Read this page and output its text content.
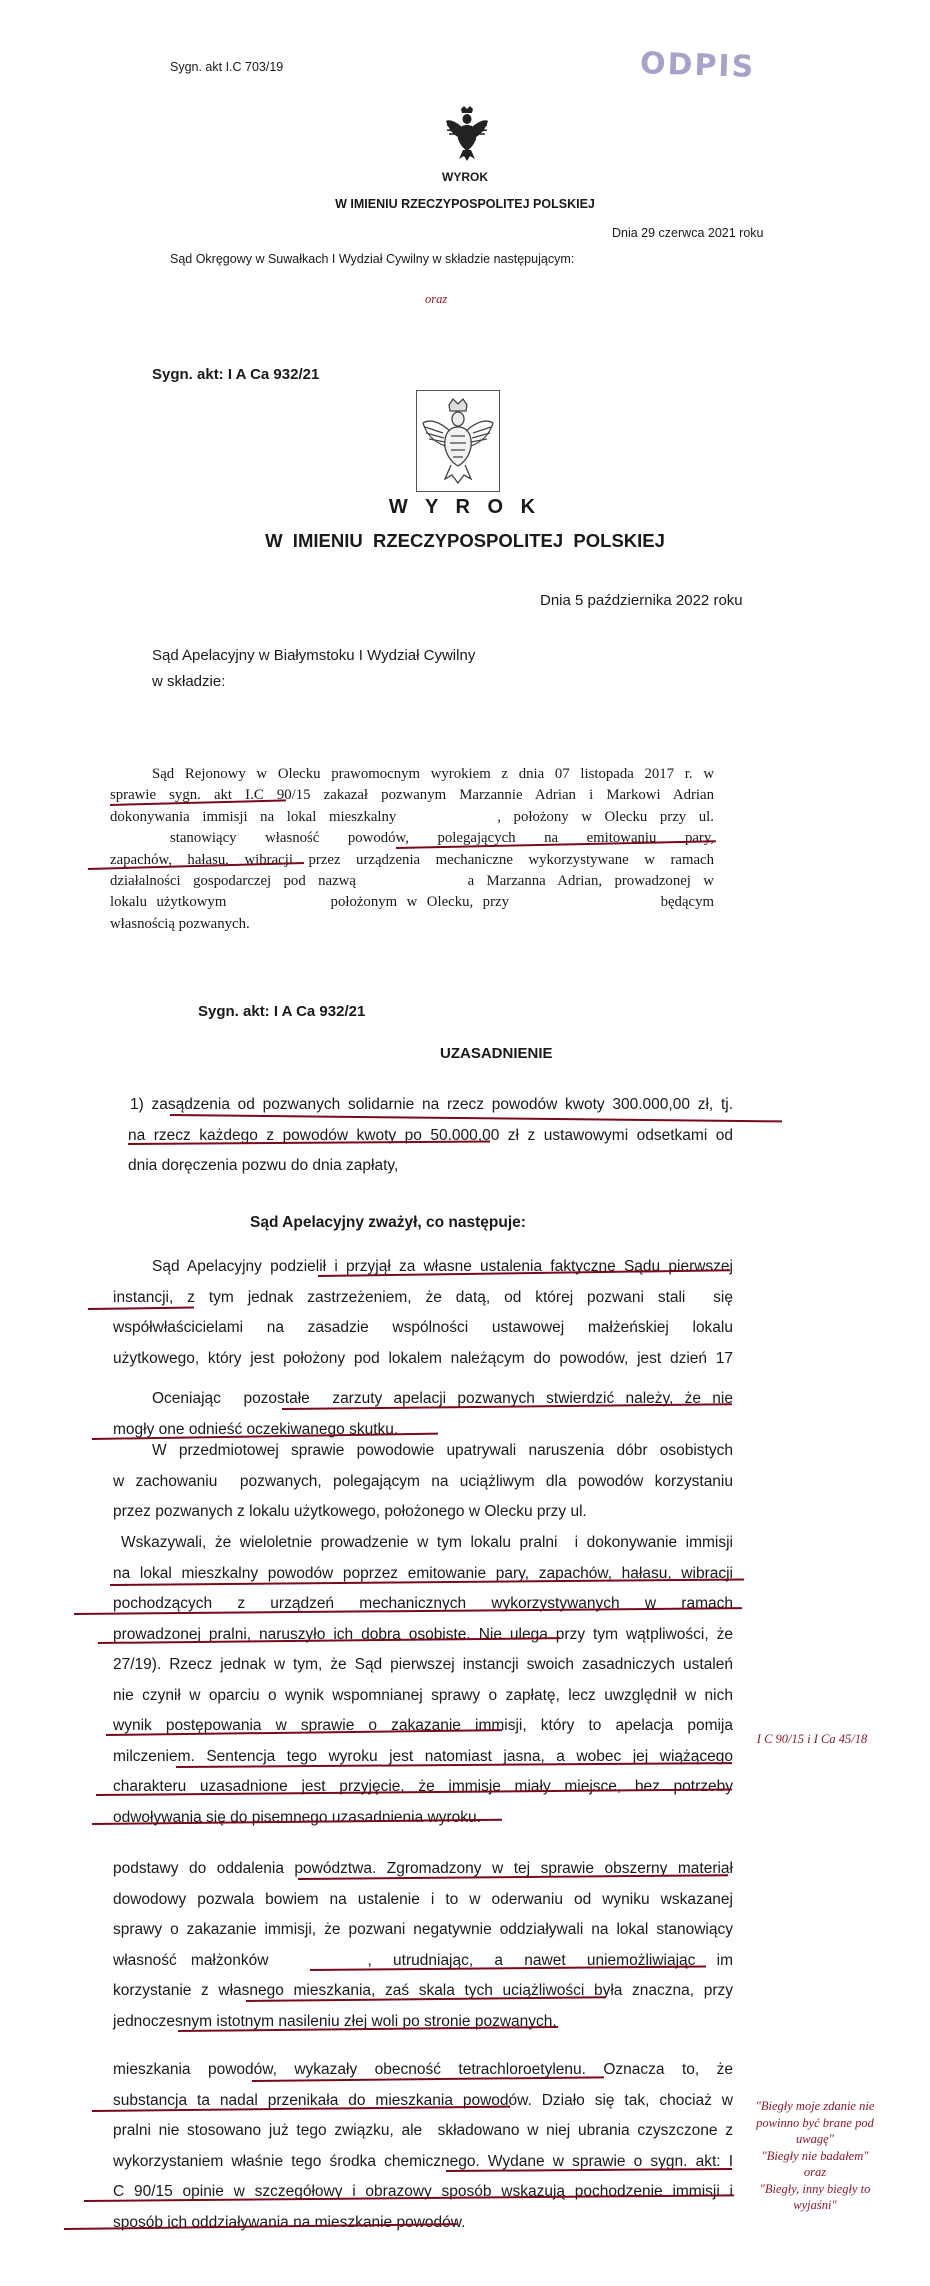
Sygn. akt I.C 703/19	ODPIS
WYROK
W IMIENIU RZECZYPOSPOLITEJ POLSKIEJ
Dnia 29 czerwca 2021 roku
Sąd Okręgowy w Suwałkach I Wydział Cywilny w składzie następującym:
oraz
Sygn. akt: I A Ca 932/21
W Y R O K
W  IMIENIU  RZECZYPOSPOLITEJ  POLSKIEJ
Dnia 5 października 2022 roku
Sąd Apelacyjny w Białymstoku I Wydział Cywilny
w składzie:
Sąd Rejonowy w Olecku prawomocnym wyrokiem z dnia 07 listopada 2017 r. w
sprawie sygn. akt I.C 90/15 zakazał pozwanym Marzannie Adrian i Markowi Adrian
dokonywania immisji na lokal mieszkalny        , położony w Olecku przy ul.
stanowiący własność powodów, polegających na emitowaniu pary,
zapachów, hałasu, wibracji przez urządzenia mechaniczne wykorzystywane w ramach
działalności gospodarczej pod nazwą         a Marzanna Adrian, prowadzonej w
lokalu użytkowym           położonym w Olecku, przy                będącym
własnością pozwanych.
Sygn. akt: I A Ca 932/21
UZASADNIENIE
1) zasądzenia od pozwanych solidarnie na rzecz powodów kwoty 300.000,00 zł, tj.
na rzecz każdego z powodów kwoty po 50.000,00 zł z ustawowymi odsetkami od
dnia doręczenia pozwu do dnia zapłaty,
Sąd Apelacyjny zważył, co następuje:
Sąd Apelacyjny podzielił i przyjął za własne ustalenia faktyczne Sądu pierwszej
instancji, z tym jednak zastrzeżeniem, że datą, od której pozwani stali  się
współwłaścicielami  na  zasadzie  wspólności  ustawowej  małżeńskiej  lokalu
użytkowego, który jest położony pod lokalem należącym do powodów, jest dzień 17
Oceniając  pozostałe  zarzuty apelacji pozwanych stwierdzić należy, że nie
mogły one odnieść oczekiwanego skutku.
W przedmiotowej sprawie powodowie upatrywali naruszenia dóbr osobistych
w zachowaniu  pozwanych, polegającym na uciążliwym dla powodów korzystaniu
przez pozwanych z lokalu użytkowego, położonego w Olecku przy ul.
Wskazywali, że wieloletnie prowadzenie w tym lokalu pralni  i dokonywanie immisji
na lokal mieszkalny powodów poprzez emitowanie pary, zapachów, hałasu, wibracji
pochodzących   z   urządzeń   mechanicznych   wykorzystywanych   w   ramach
prowadzonej pralni, naruszyło ich dobra osobiste. Nie ulega przy tym wątpliwości, że
27/19). Rzecz jednak w tym, że Sąd pierwszej instancji swoich zasadniczych ustaleń
nie czynił w oparciu o wynik wspomnianej sprawy o zapłatę, lecz uwzględnił w nich
wynik postępowania w sprawie o zakazanie immisji, który to apelacja pomija
milczeniem. Sentencja tego wyroku jest natomiast jasna, a wobec jej wiążącego
charakteru uzasadnione jest przyjęcie, że immisje miały miejsce, bez potrzeby
odwoływania się do pisemnego uzasadnienia wyroku.
podstawy do oddalenia powództwa. Zgromadzony w tej sprawie obszerny materiał
dowodowy pozwala bowiem na ustalenie i to w oderwaniu od wyniku wskazanej
sprawy o zakazanie immisji, że pozwani negatywnie oddziaływali na lokal stanowiący
własność  małżonków              ,   utrudniając,   a   nawet   uniemożliwiając   im
korzystanie z własnego mieszkania, zaś skala tych uciążliwości była znaczna, przy
jednoczesnym istotnym nasileniu złej woli po stronie pozwanych.
mieszkania powodów, wykazały obecność tetrachloroetylenu. Oznacza to, że
substancja ta nadal przenikała do mieszkania powodów. Działo się tak, chociaż w
pralni nie stosowano już tego związku, ale  składowano w niej ubrania czyszczone z
wykorzystaniem właśnie tego środka chemicznego. Wydane w sprawie o sygn. akt: I
C 90/15 opinie w szczegółowy i obrazowy sposób wskazują pochodzenie immisji i
sposób ich oddziaływania na mieszkanie powodów.
I C 90/15 i I Ca 45/18
"Biegły moje zdanie nie
powinno być brane pod
uwagę"
"Biegły nie badałem"
oraz
"Biegły, inny biegły to
wyjaśni"
